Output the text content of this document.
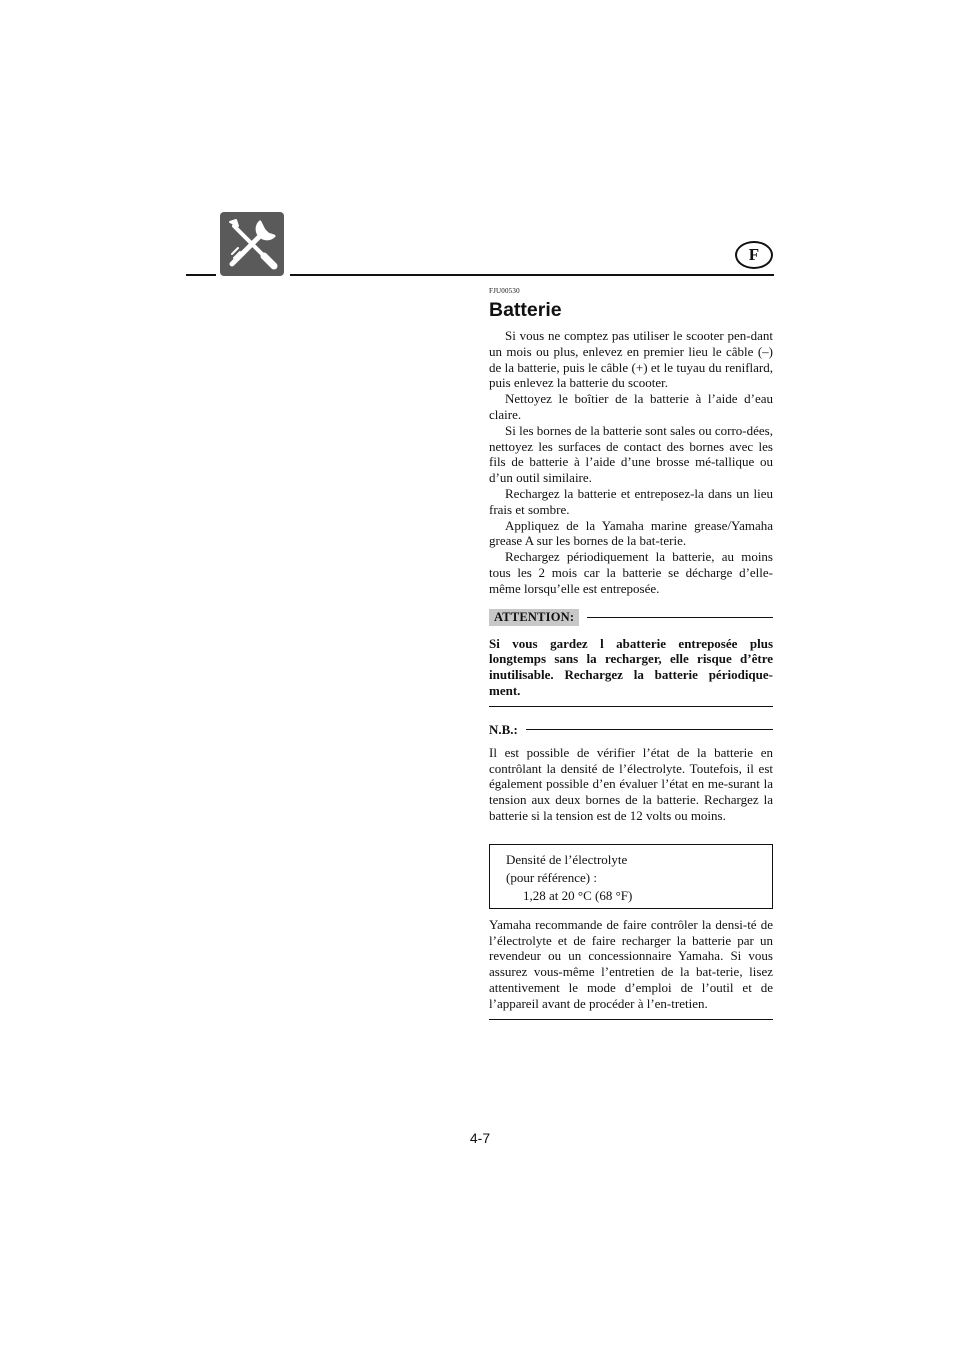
F

FJU00530

Batterie

Si vous ne comptez pas utiliser le scooter pen-dant un mois ou plus, enlevez en premier lieu le câble (–) de la batterie, puis le câble (+) et le tuyau du reniflard, puis enlevez la batterie du scooter.

Nettoyez le boîtier de la batterie à l’aide d’eau claire.

Si les bornes de la batterie sont sales ou corro-dées, nettoyez les surfaces de contact des bornes avec les fils de batterie à l’aide d’une brosse mé-tallique ou d’un outil similaire.

Rechargez la batterie et entreposez-la dans un lieu frais et sombre.

Appliquez de la Yamaha marine grease/Yamaha grease A sur les bornes de la bat-terie.

Rechargez périodiquement la batterie, au moins tous les 2 mois car la batterie se décharge d’elle-même lorsqu’elle est entreposée.

ATTENTION:

Si vous gardez l abatterie entreposée plus longtemps sans la recharger, elle risque d’être inutilisable. Rechargez la batterie périodique-ment.

N.B.:

Il est possible de vérifier l’état de la batterie en contrôlant la densité de l’électrolyte. Toutefois, il est également possible d’en évaluer l’état en me-surant la tension aux deux bornes de la batterie. Rechargez la batterie si la tension est de 12 volts ou moins.

Densité de l’électrolyte
(pour référence) :
1,28 at 20 °C (68 °F)

Yamaha recommande de faire contrôler la densi-té de l’électrolyte et de faire recharger la batterie par un revendeur ou un concessionnaire Yamaha. Si vous assurez vous-même l’entretien de la bat-terie, lisez attentivement le mode d’emploi de l’outil et de l’appareil avant de procéder à l’en-tretien.

4-7
